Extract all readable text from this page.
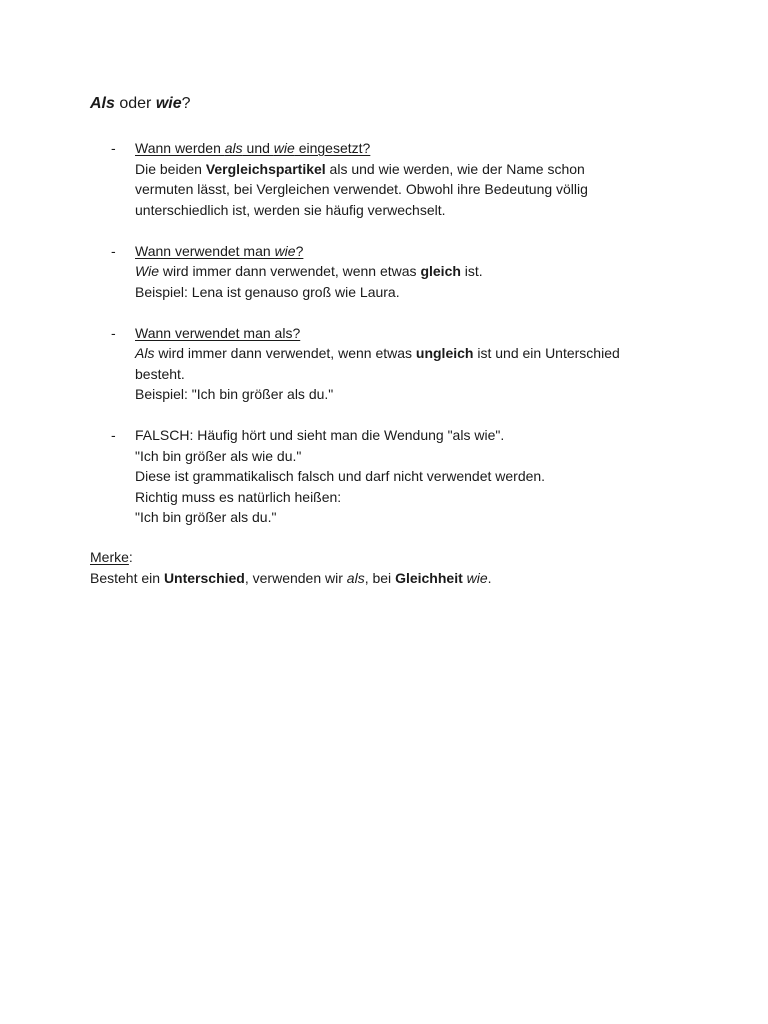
Als oder wie?
- Wann werden als und wie eingesetzt?
Die beiden Vergleichspartikel als und wie werden, wie der Name schon
vermuten lässt, bei Vergleichen verwendet. Obwohl ihre Bedeutung völlig
unterschiedlich ist, werden sie häufig verwechselt.
- Wann verwendet man wie?
Wie wird immer dann verwendet, wenn etwas gleich ist.
Beispiel: Lena ist genauso groß wie Laura.
- Wann verwendet man als?
Als wird immer dann verwendet, wenn etwas ungleich ist und ein Unterschied
besteht.
Beispiel: "Ich bin größer als du."
- FALSCH: Häufig hört und sieht man die Wendung "als wie".
"Ich bin größer als wie du."
Diese ist grammatikalisch falsch und darf nicht verwendet werden.
Richtig muss es natürlich heißen:
"Ich bin größer als du."
Merke:
Besteht ein Unterschied, verwenden wir als, bei Gleichheit wie.
